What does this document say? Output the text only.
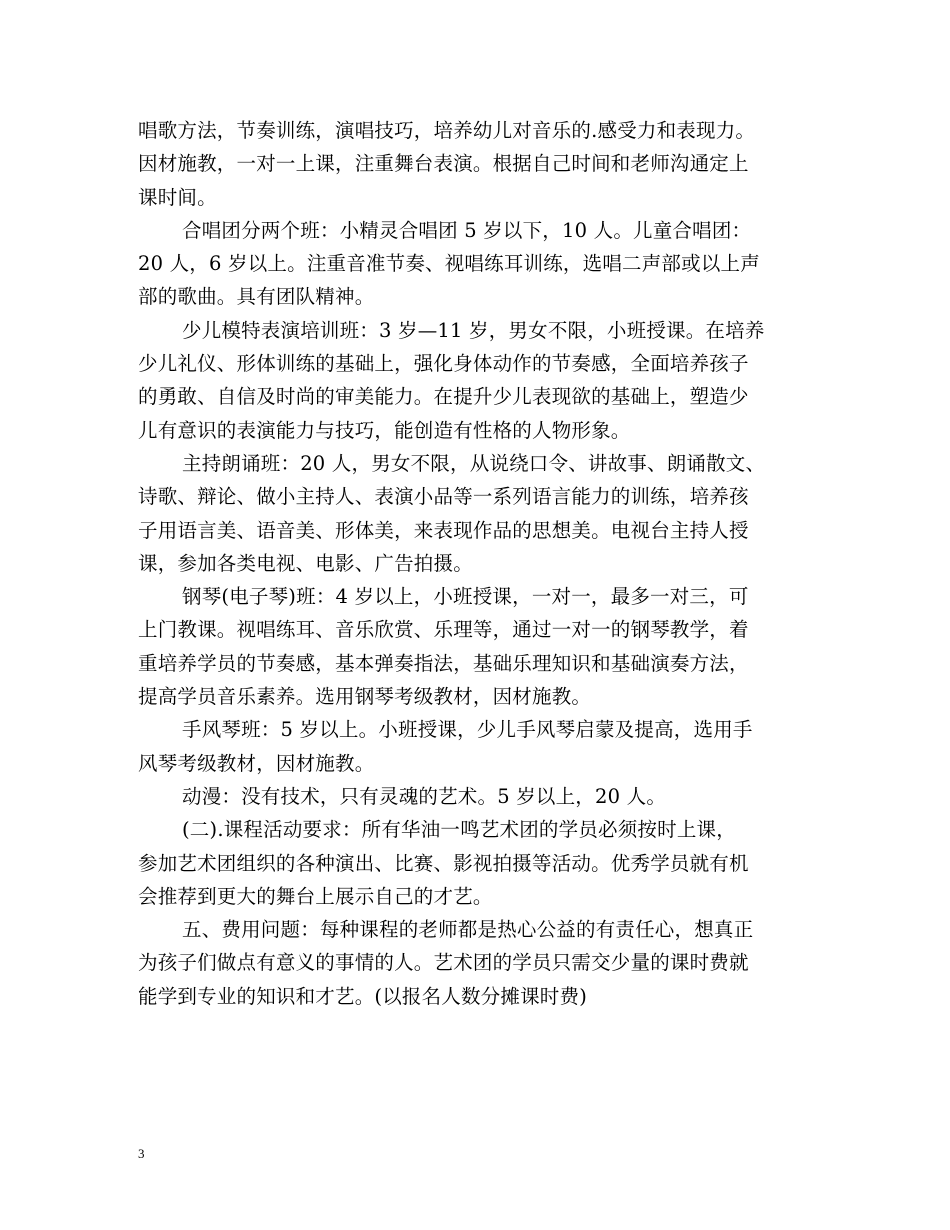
唱歌方法，节奏训练，演唱技巧，培养幼儿对音乐的.感受力和表现力。
因材施教，一对一上课，注重舞台表演。根据自己时间和老师沟通定上
课时间。

合唱团分两个班：小精灵合唱团 5 岁以下，10 人。儿童合唱团：
20 人，6 岁以上。注重音准节奏、视唱练耳训练，选唱二声部或以上声
部的歌曲。具有团队精神。

少儿模特表演培训班：3 岁—11 岁，男女不限，小班授课。在培养
少儿礼仪、形体训练的基础上，强化身体动作的节奏感，全面培养孩子
的勇敢、自信及时尚的审美能力。在提升少儿表现欲的基础上，塑造少
儿有意识的表演能力与技巧，能创造有性格的人物形象。

主持朗诵班：20 人，男女不限，从说绕口令、讲故事、朗诵散文、
诗歌、辩论、做小主持人、表演小品等一系列语言能力的训练，培养孩
子用语言美、语音美、形体美，来表现作品的思想美。电视台主持人授
课，参加各类电视、电影、广告拍摄。

钢琴(电子琴)班：4 岁以上，小班授课，一对一，最多一对三，可
上门教课。视唱练耳、音乐欣赏、乐理等，通过一对一的钢琴教学，着
重培养学员的节奏感，基本弹奏指法，基础乐理知识和基础演奏方法，
提高学员音乐素养。选用钢琴考级教材，因材施教。

手风琴班：5 岁以上。小班授课，少儿手风琴启蒙及提高，选用手
风琴考级教材，因材施教。

动漫：没有技术，只有灵魂的艺术。5 岁以上，20 人。

(二).课程活动要求：所有华油一鸣艺术团的学员必须按时上课，
参加艺术团组织的各种演出、比赛、影视拍摄等活动。优秀学员就有机
会推荐到更大的舞台上展示自己的才艺。

五、费用问题：每种课程的老师都是热心公益的有责任心，想真正
为孩子们做点有意义的事情的人。艺术团的学员只需交少量的课时费就
能学到专业的知识和才艺。(以报名人数分摊课时费)

3
